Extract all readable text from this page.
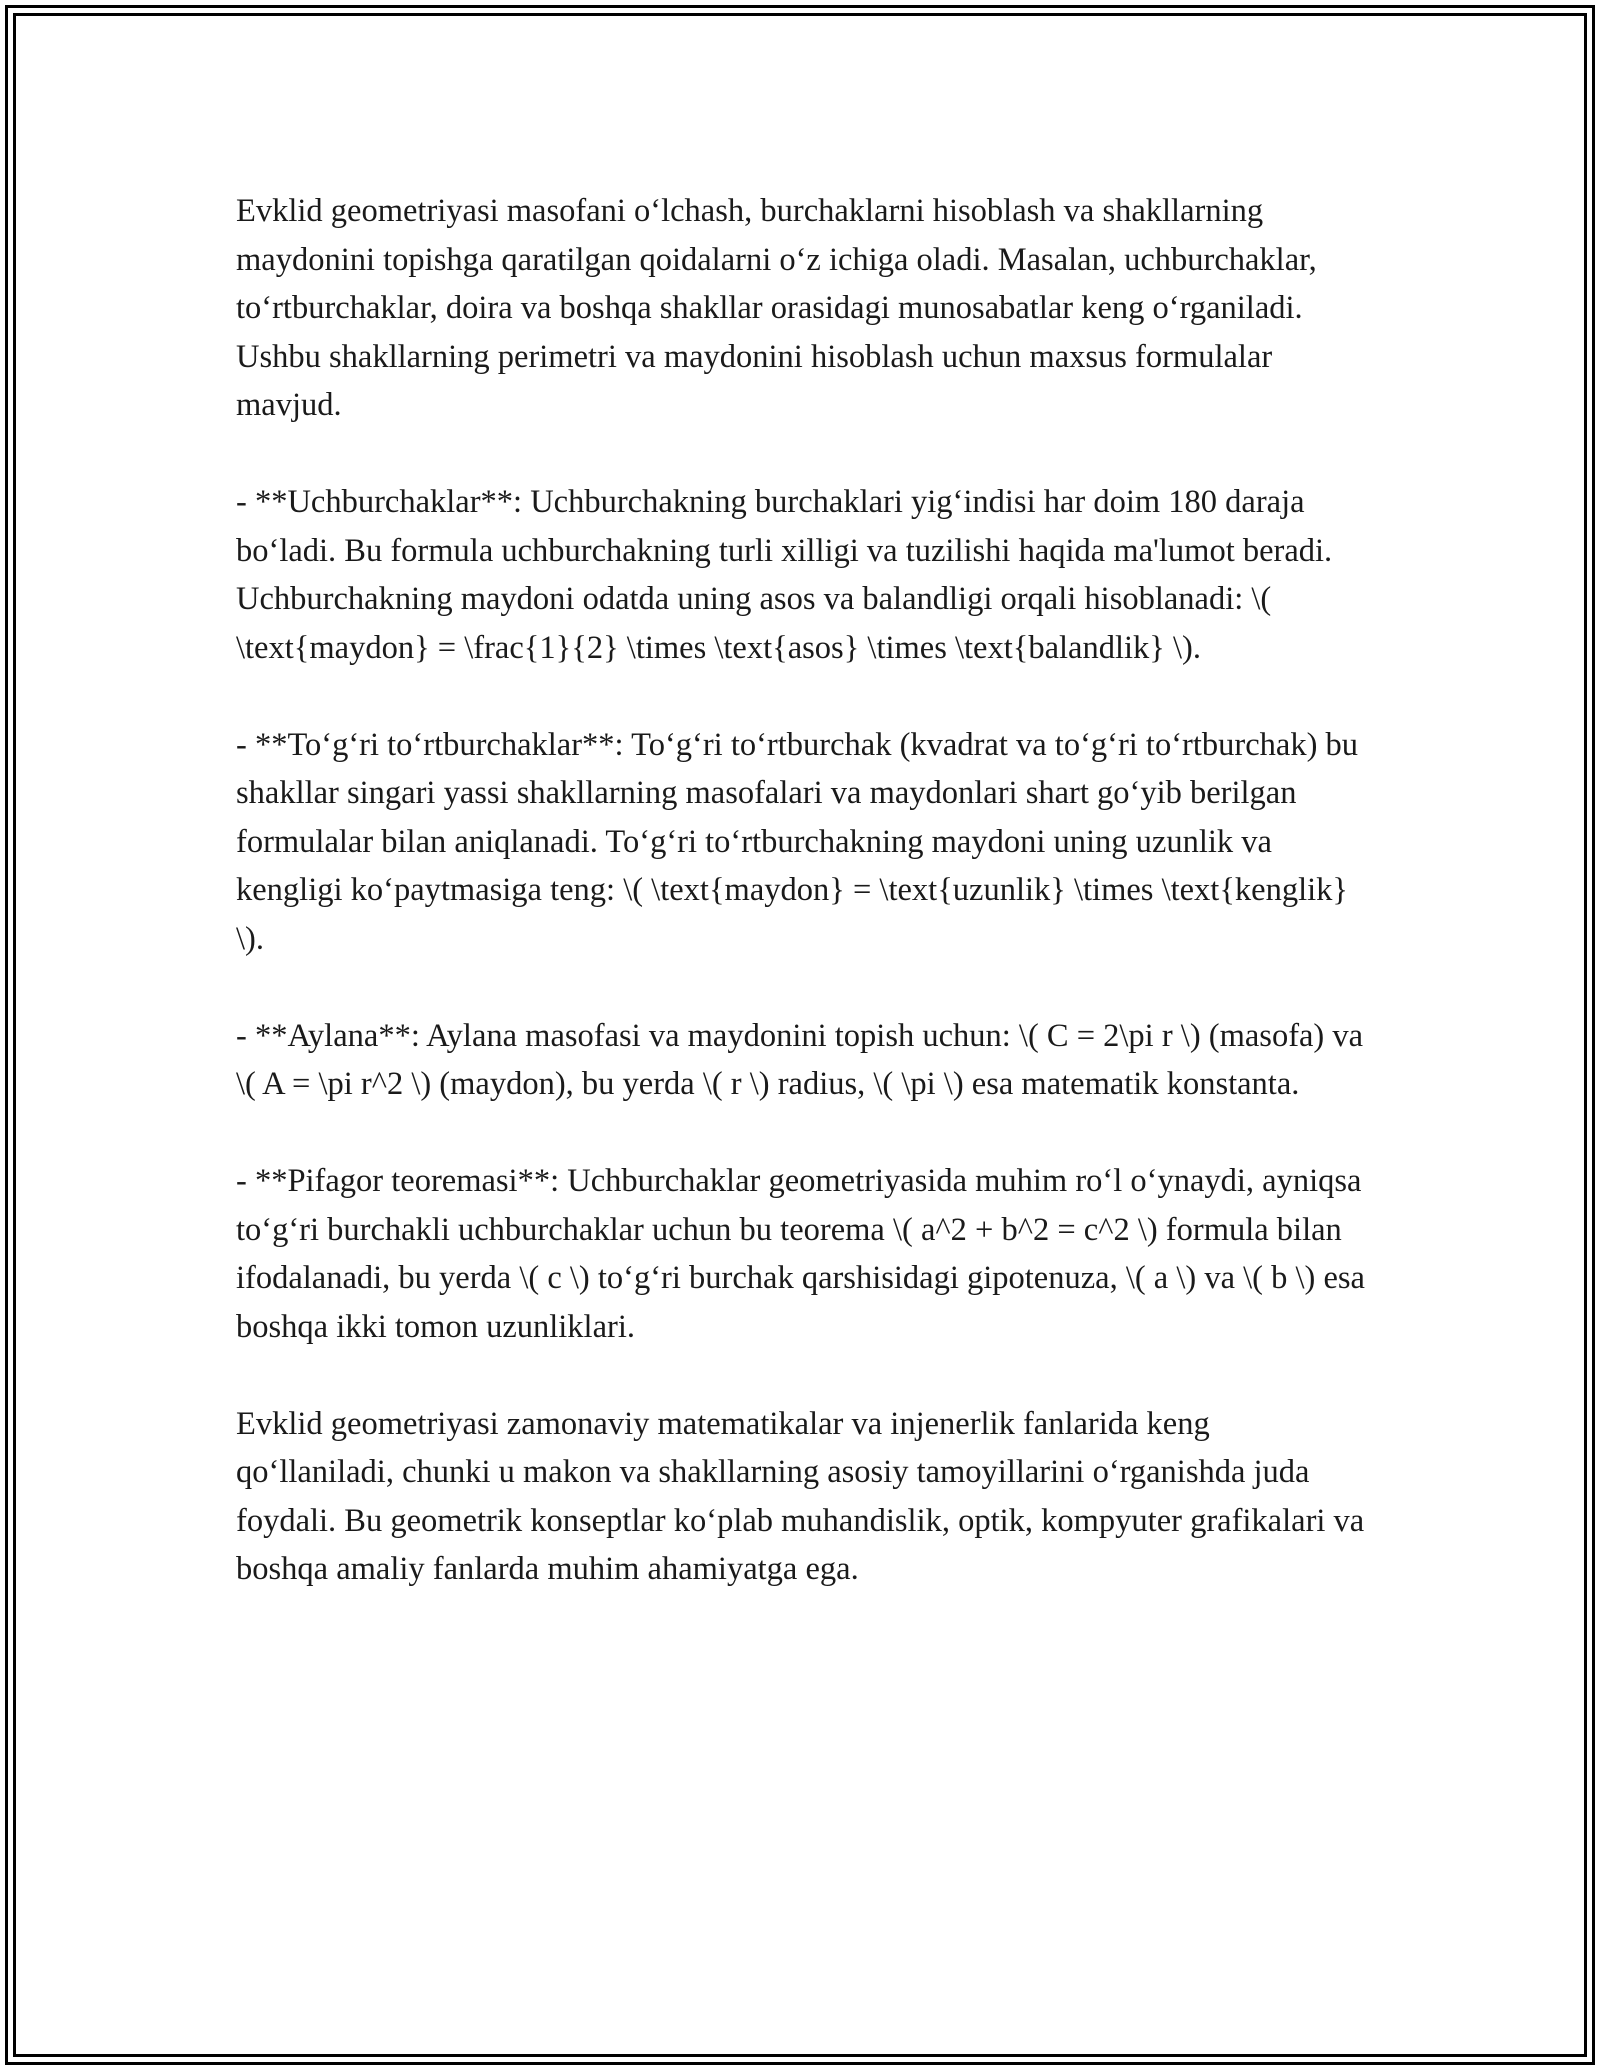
Evklid geometriyasi masofani o‘lchash, burchaklarni hisoblash va shakllarning maydonini topishga qaratilgan qoidalarni o‘z ichiga oladi. Masalan, uchburchaklar, to‘rtburchaklar, doira va boshqa shakllar orasidagi munosabatlar keng o‘rganiladi. Ushbu shakllarning perimetri va maydonini hisoblash uchun maxsus formulalar mavjud.

- **Uchburchaklar**: Uchburchakning burchaklari yig‘indisi har doim 180 daraja bo‘ladi. Bu formula uchburchakning turli xilligi va tuzilishi haqida ma'lumot beradi. Uchburchakning maydoni odatda uning asos va balandligi orqali hisoblanadi: \( \text{maydon} = \frac{1}{2} \times \text{asos} \times \text{balandlik} \).

- **To‘g‘ri to‘rtburchaklar**: To‘g‘ri to‘rtburchak (kvadrat va to‘g‘ri to‘rtburchak) bu shakllar singari yassi shakllarning masofalari va maydonlari shart go‘yib berilgan formulalar bilan aniqlanadi. To‘g‘ri to‘rtburchakning maydoni uning uzunlik va kengligi ko‘paytmasiga teng: \( \text{maydon} = \text{uzunlik} \times \text{kenglik} \).

- **Aylana**: Aylana masofasi va maydonini topish uchun: \( C = 2\pi r \) (masofa) va \( A = \pi r^2 \) (maydon), bu yerda \( r \) radius, \( \pi \) esa matematik konstanta.

- **Pifagor teoremasi**: Uchburchaklar geometriyasida muhim ro‘l o‘ynaydi, ayniqsa to‘g‘ri burchakli uchburchaklar uchun bu teorema \( a^2 + b^2 = c^2 \) formula bilan ifodalanadi, bu yerda \( c \) to‘g‘ri burchak qarshisidagi gipotenuza, \( a \) va \( b \) esa boshqa ikki tomon uzunliklari.

Evklid geometriyasi zamonaviy matematikalar va injenerlik fanlarida keng qo‘llaniladi, chunki u makon va shakllarning asosiy tamoyillarini o‘rganishda juda foydali. Bu geometrik konseptlar ko‘plab muhandislik, optik, kompyuter grafikalari va boshqa amaliy fanlarda muhim ahamiyatga ega.
